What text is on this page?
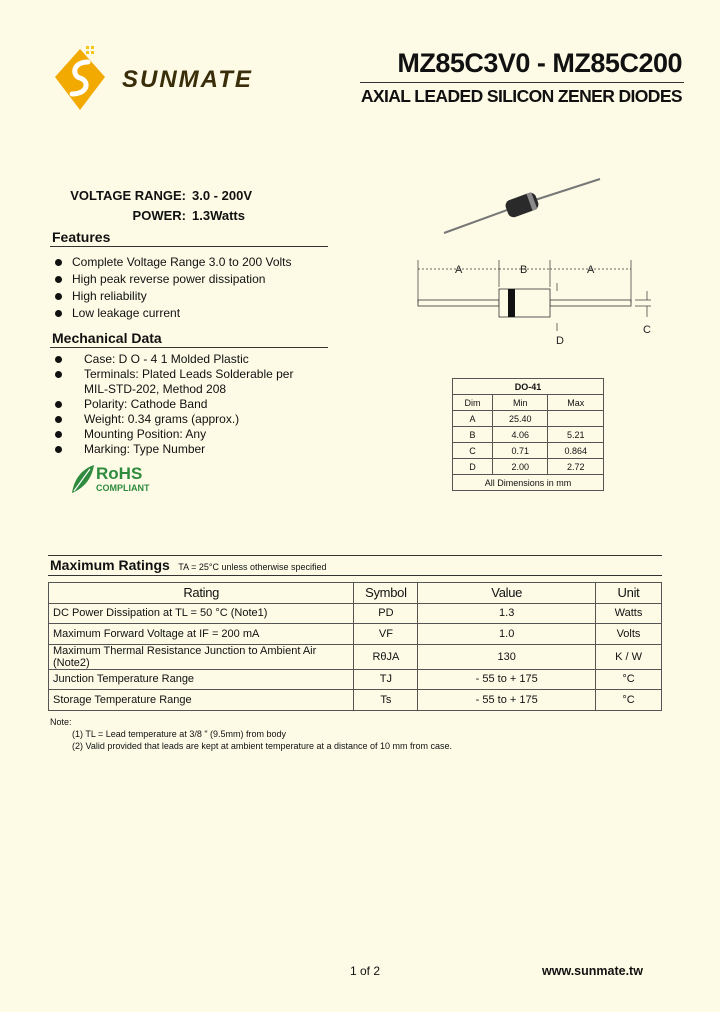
SUNMATE
MZ85C3V0 - MZ85C200
AXIAL LEADED SILICON ZENER DIODES
VOLTAGE RANGE: 3.0 - 200V
POWER: 1.3Watts
Features
Complete Voltage Range 3.0 to 200 Volts
High peak reverse power dissipation
High reliability
Low leakage current
Mechanical Data
Case: D O - 4 1 Molded Plastic
Terminals: Plated Leads Solderable per
MIL-STD-202, Method 208
Polarity: Cathode Band
Weight: 0.34 grams (approx.)
Mounting Position: Any
Marking: Type Number
RoHS
COMPLIANT
A	B	A
C
D
DO-41		
Dim	Min	Max
A	25.40	
B	4.06	5.21
C	0.71	0.864
D	2.00	2.72
All Dimensions in mm		
Maximum Ratings TA = 25°C unless otherwise specified
Rating	Symbol	Value	Unit
DC Power Dissipation at TL = 50 °C (Note1)	PD	1.3	Watts
Maximum Forward Voltage at IF = 200 mA	VF	1.0	Volts
Maximum Thermal Resistance Junction to Ambient Air (Note2)	RθJA	130	K / W
Junction Temperature Range	TJ	- 55 to + 175	°C
Storage Temperature Range	Ts	- 55 to + 175	°C
Note:
(1) TL = Lead temperature at 3/8 " (9.5mm) from body
(2) Valid provided that leads are kept at ambient temperature at a distance of 10 mm from case.
1 of 2	www.sunmate.tw
